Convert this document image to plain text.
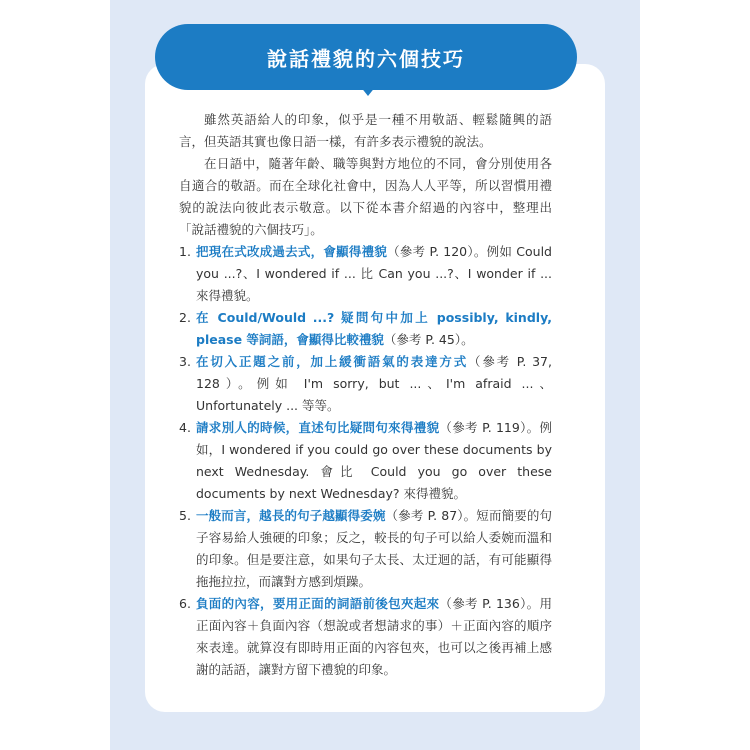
說話禮貌的六個技巧

雖然英語給人的印象，似乎是一種不用敬語、輕鬆隨興的語言，但英語其實也像日語一樣，有許多表示禮貌的說法。

在日語中，隨著年齡、職等與對方地位的不同，會分別使用各自適合的敬語。而在全球化社會中，因為人人平等，所以習慣用禮貌的說法向彼此表示敬意。以下從本書介紹過的內容中，整理出「說話禮貌的六個技巧」。

1. 把現在式改成過去式，會顯得禮貌（參考 P. 120）。例如 Could you ...?、I wondered if ... 比 Can you ...?、I wonder if ... 來得禮貌。
2. 在 Could/Would ...? 疑問句中加上 possibly, kindly, please 等詞語，會顯得比較禮貌（參考 P. 45）。
3. 在切入正題之前，加上緩衝語氣的表達方式（參考 P. 37, 128）。例如 I'm sorry, but ...、I'm afraid ...、Unfortunately ... 等等。
4. 請求別人的時候，直述句比疑問句來得禮貌（參考 P. 119）。例如，I wondered if you could go over these documents by next Wednesday. 會比 Could you go over these documents by next Wednesday? 來得禮貌。
5. 一般而言，越長的句子越顯得委婉（參考 P. 87）。短而簡要的句子容易給人強硬的印象；反之，較長的句子可以給人委婉而溫和的印象。但是要注意，如果句子太長、太迂迴的話，有可能顯得拖拖拉拉，而讓對方感到煩躁。
6. 負面的內容，要用正面的詞語前後包夾起來（參考 P. 136）。用正面內容＋負面內容（想說或者想請求的事）＋正面內容的順序來表達。就算沒有即時用正面的內容包夾，也可以之後再補上感謝的話語，讓對方留下禮貌的印象。
